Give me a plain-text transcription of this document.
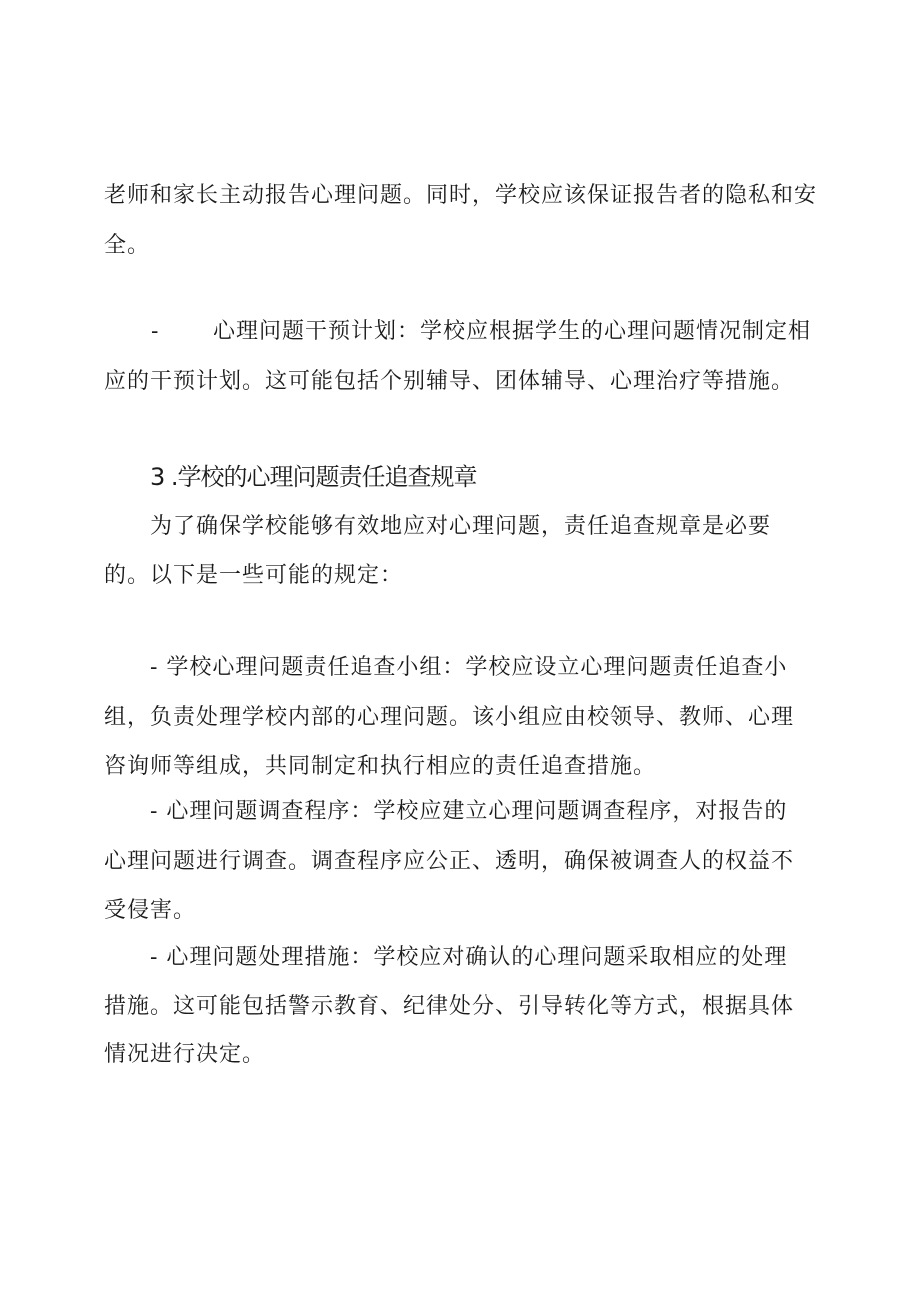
老师和家长主动报告心理问题。同时，学校应该保证报告者的隐私和安
全。
- 心理问题干预计划：学校应根据学生的心理问题情况制定相
应的干预计划。这可能包括个别辅导、团体辅导、心理治疗等措施。
3 .学校的心理问题责任追查规章
为了确保学校能够有效地应对心理问题，责任追查规章是必要
的。以下是一些可能的规定：
- 学校心理问题责任追查小组：学校应设立心理问题责任追查小
组，负责处理学校内部的心理问题。该小组应由校领导、教师、心理
咨询师等组成，共同制定和执行相应的责任追查措施。
- 心理问题调查程序：学校应建立心理问题调查程序，对报告的
心理问题进行调查。调查程序应公正、透明，确保被调查人的权益不
受侵害。
- 心理问题处理措施：学校应对确认的心理问题采取相应的处理
措施。这可能包括警示教育、纪律处分、引导转化等方式，根据具体
情况进行决定。
